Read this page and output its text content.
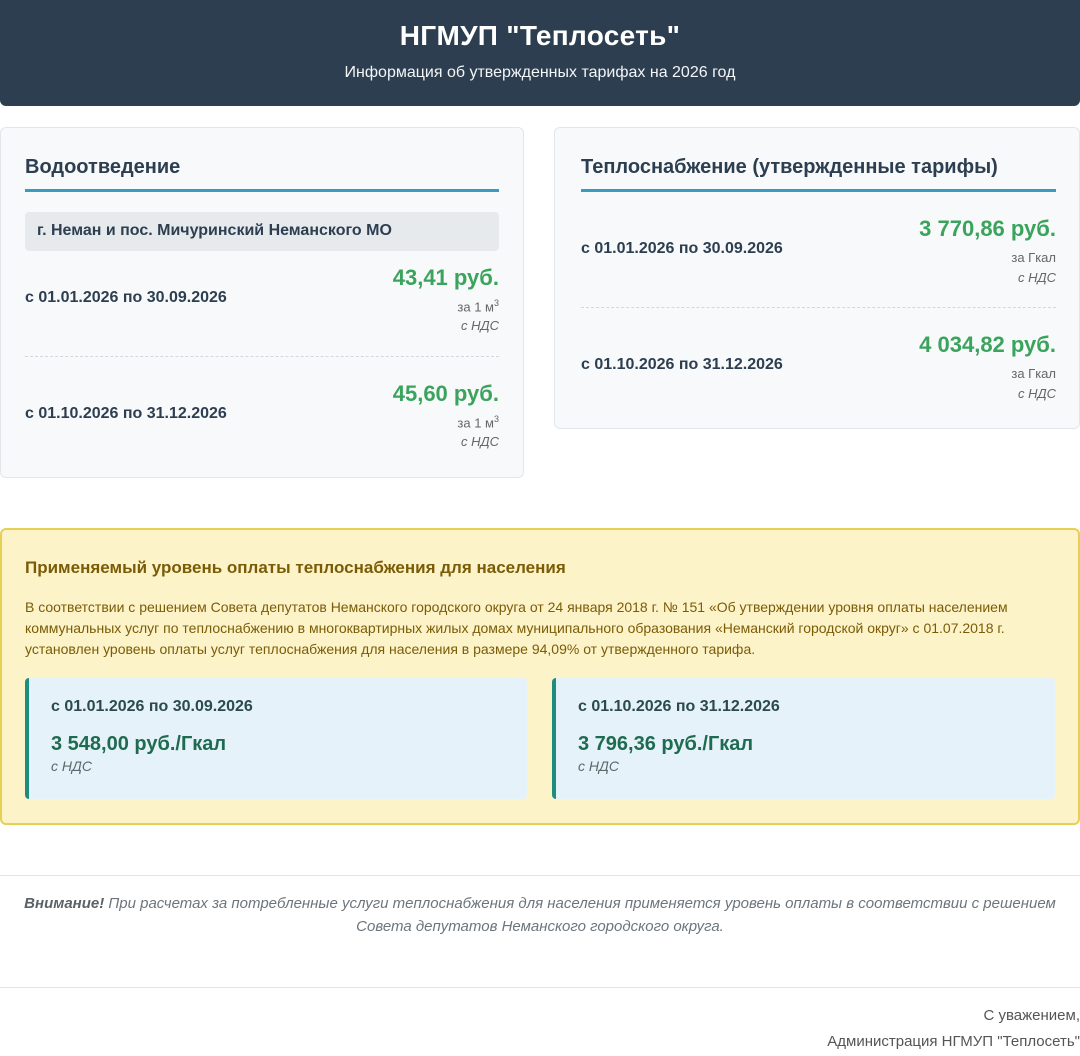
НГМУП "Теплосеть"

Информация об утвержденных тарифах на 2026 год

Водоотведение
г. Неман и пос. Мичуринский Неманского МО
с 01.01.2026 по 30.09.2026
43,41 руб.
за 1 $м^3$
с НДС
с 01.10.2026 по 31.12.2026
45,60 руб.
за 1 $м^3$
с НДС
Теплоснабжение (утвержденные тарифы)
с 01.01.2026 по 30.09.2026
3 770,86 руб.
за Гкал
с НДС
с 01.10.2026 по 31.12.2026
4 034,82 руб.
за Гкал
с НДС
Применяемый уровень оплаты теплоснабжения для населения
В соответствии с решением Совета депутатов Неманского городского округа от 24 января 2018 г. № 151 «Об утверждении уровня оплаты населением коммунальных услуг по теплоснабжению в многоквартирных жилых домах муниципального образования «Неманский городской округ» с 01.07.2018 г. установлен уровень оплаты услуг теплоснабжения для населения в размере 94,09% от утвержденного тарифа.
с 01.01.2026 по 30.09.2026
3 548,00 руб./Гкал
с НДС
с 01.10.2026 по 31.12.2026
3 796,36 руб./Гкал
с НДС
Внимание! При расчетах за потребленные услуги теплоснабжения для населения применяется уровень оплаты в соответствии с решением Совета депутатов Неманского городского округа.
С уважением,
Администрация НГМУП "Теплосеть"
